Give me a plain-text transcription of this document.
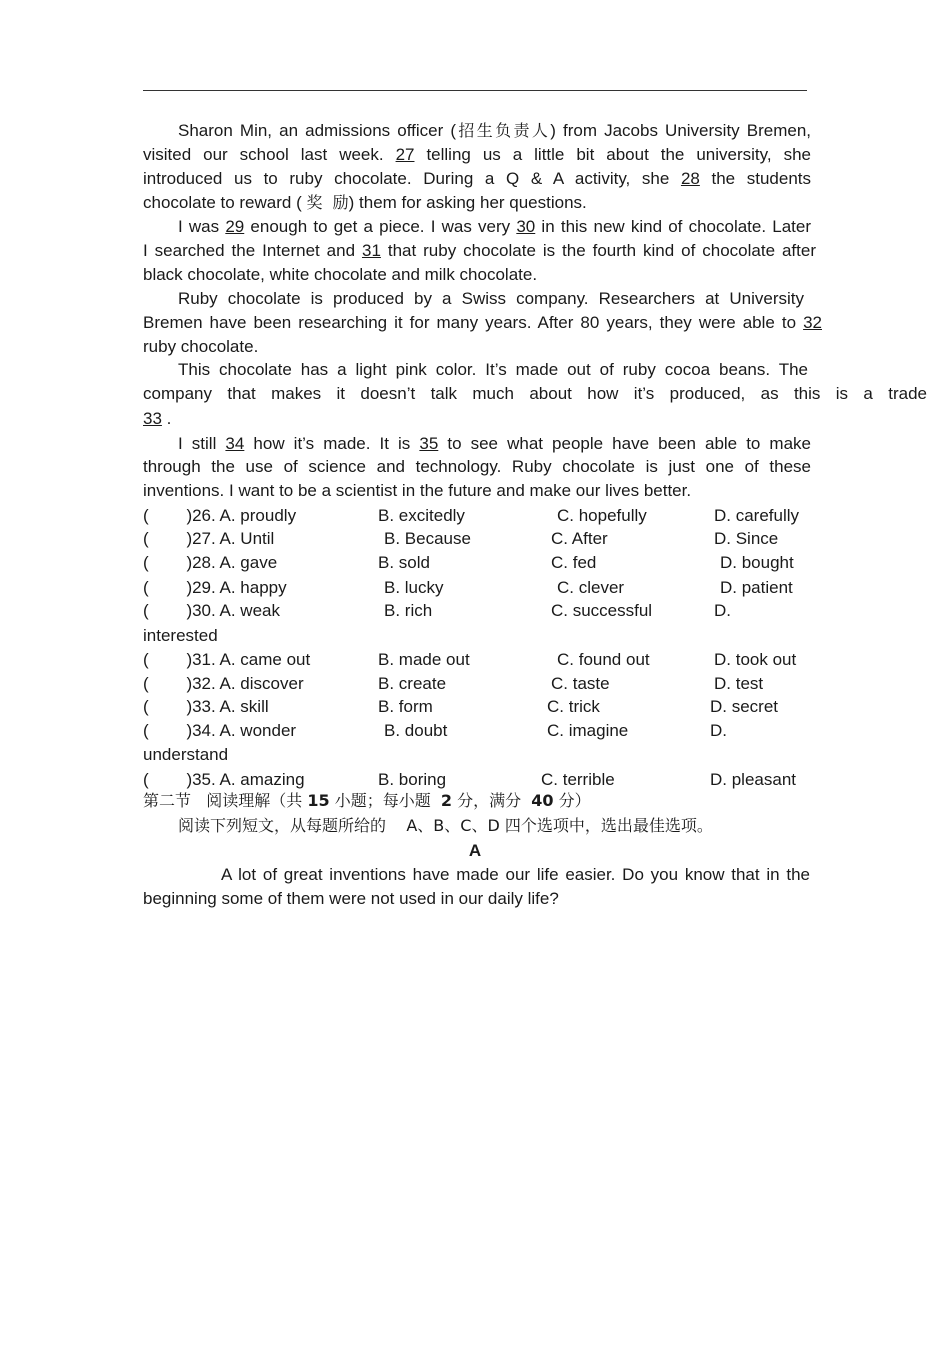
Sharon Min, an admissions officer (招生负责人) from Jacobs University Bremen,
visited our school last week. 27 telling us a little bit about the university, she
introduced us to ruby chocolate. During a Q & A activity, she 28 the students
chocolate to reward ( 奖  励) them for asking her questions.
I was 29 enough to get a piece. I was very 30 in this new kind of chocolate. Later
I searched the Internet and 31 that ruby chocolate is the fourth kind of chocolate after
black chocolate, white chocolate and milk chocolate.
Ruby chocolate is produced by a Swiss company. Researchers at University
Bremen have been researching it for many years. After 80 years, they were able to 32
ruby chocolate.
This chocolate has a light pink color. It’s made out of ruby cocoa beans. The
company that makes it doesn’t talk much about how it’s produced, as this is a trade
33 .
I still 34 how it’s made. It is 35 to see what people have been able to make
through the use of science and technology. Ruby chocolate is just one of these
inventions. I want to be a scientist in the future and make our lives better.
(        )26. A. proudly	B. excitedly	C. hopefully	D. carefully
(        )27. A. Until	B. Because	C. After	D. Since
(        )28. A. gave	B. sold	C. fed	D. bought
(        )29. A. happy	B. lucky	C. clever	D. patient
(        )30. A. weak	B. rich	C. successful	D.
interested
(        )31. A. came out	B. made out	C. found out	D. took out
(        )32. A. discover	B. create	C. taste	D. test
(        )33. A. skill	B. form	C. trick	D. secret
(        )34. A. wonder	B. doubt	C. imagine	D.
understand
(        )35. A. amazing	B. boring	C. terrible	D. pleasant
第二节   阅读理解（共 15 小题；每小题  2 分，满分  40 分）
阅读下列短文，从每题所给的    A、B、C、D 四个选项中，选出最佳选项。
A
A lot of great inventions have made our life easier. Do you know that in the
beginning some of them were not used in our daily life?
